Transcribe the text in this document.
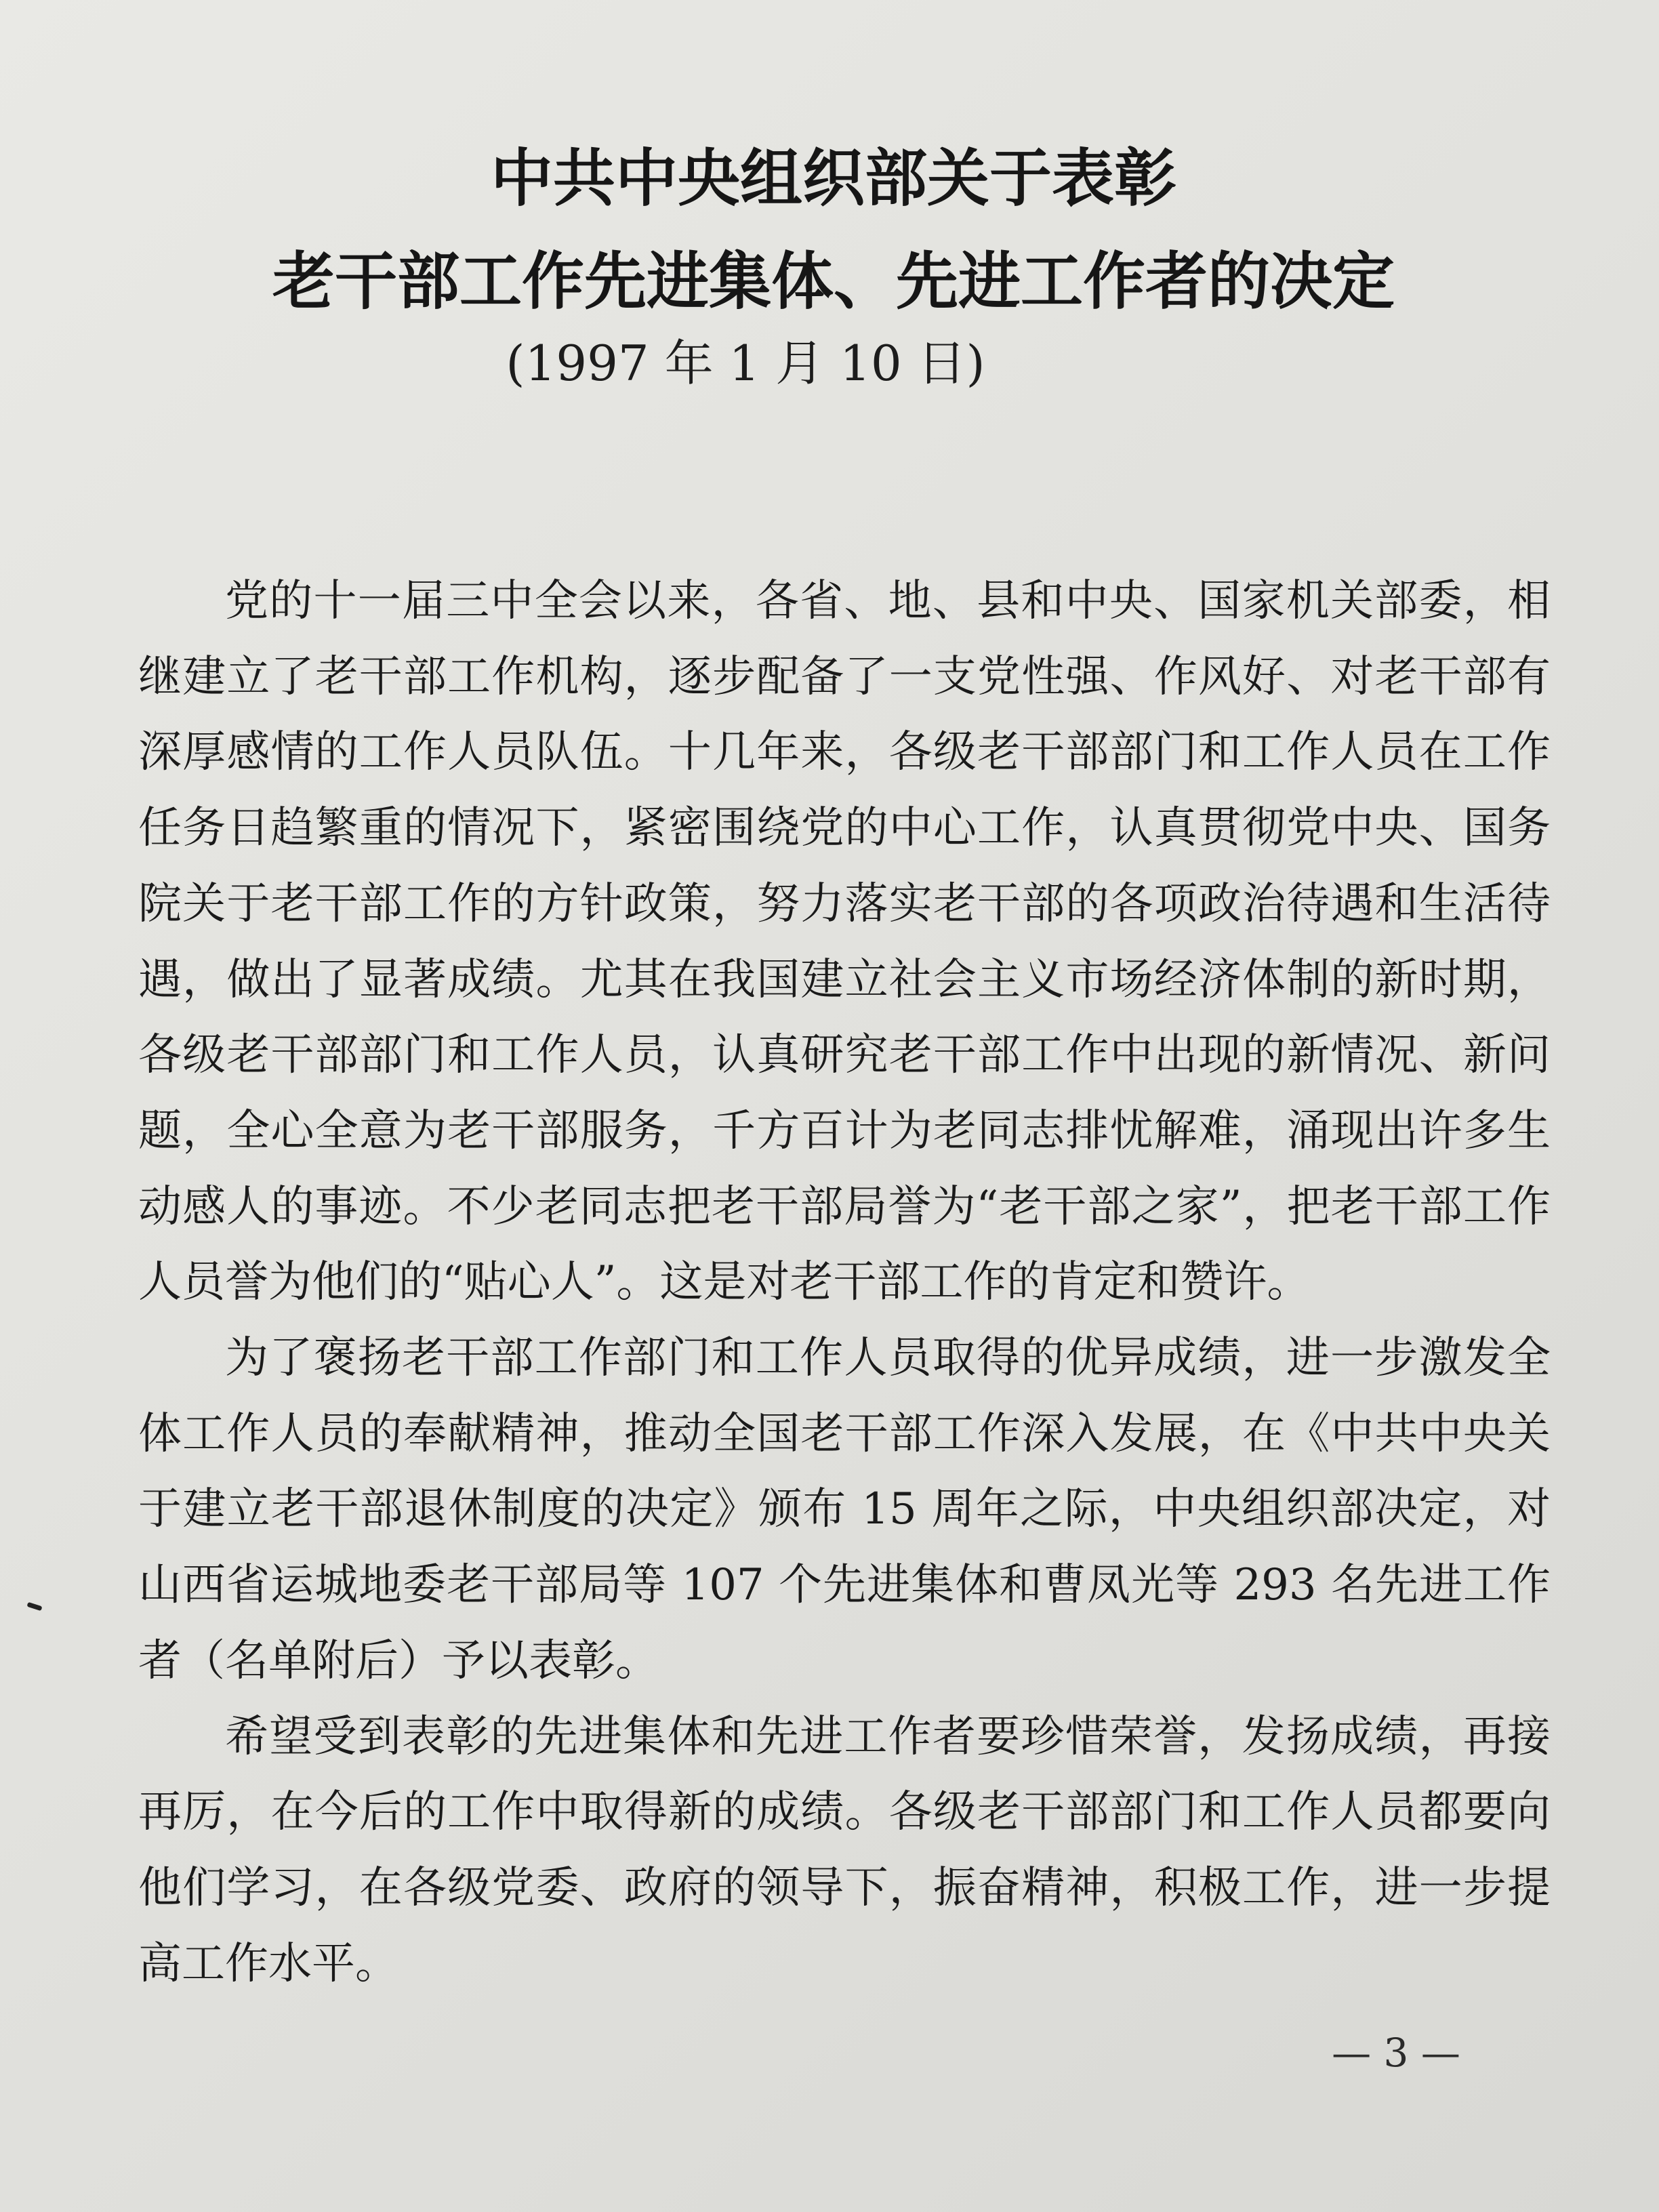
中共中央组织部关于表彰
老干部工作先进集体、先进工作者的决定
(1997 年 1 月 10 日)

党的十一届三中全会以来，各省、地、县和中央、国家机关部委，相继建立了老干部工作机构，逐步配备了一支党性强、作风好、对老干部有深厚感情的工作人员队伍。十几年来，各级老干部部门和工作人员在工作任务日趋繁重的情况下，紧密围绕党的中心工作，认真贯彻党中央、国务院关于老干部工作的方针政策，努力落实老干部的各项政治待遇和生活待遇，做出了显著成绩。尤其在我国建立社会主义市场经济体制的新时期，各级老干部部门和工作人员，认真研究老干部工作中出现的新情况、新问题，全心全意为老干部服务，千方百计为老同志排忧解难，涌现出许多生动感人的事迹。不少老同志把老干部局誉为“老干部之家”，把老干部工作人员誉为他们的“贴心人”。这是对老干部工作的肯定和赞许。

为了褒扬老干部工作部门和工作人员取得的优异成绩，进一步激发全体工作人员的奉献精神，推动全国老干部工作深入发展，在《中共中央关于建立老干部退休制度的决定》颁布 15 周年之际，中央组织部决定，对山西省运城地委老干部局等 107 个先进集体和曹凤光等 293 名先进工作者（名单附后）予以表彰。

希望受到表彰的先进集体和先进工作者要珍惜荣誉，发扬成绩，再接再厉，在今后的工作中取得新的成绩。各级老干部部门和工作人员都要向他们学习，在各级党委、政府的领导下，振奋精神，积极工作，进一步提高工作水平。

— 3 —
